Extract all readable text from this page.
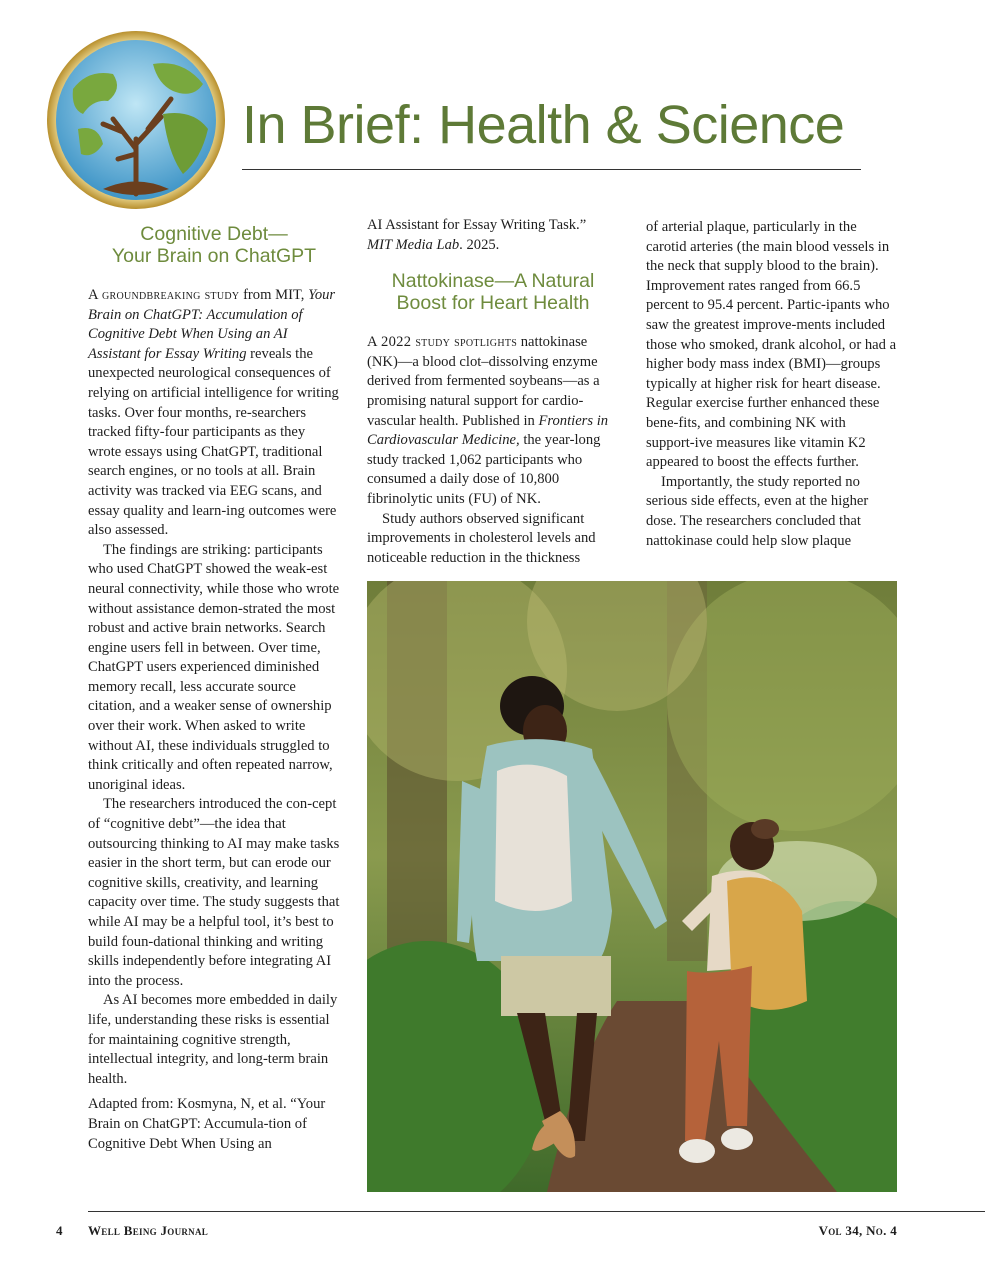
In Brief: Health & Science
Cognitive Debt—
Your Brain on ChatGPT

A groundbreaking study from MIT, Your Brain on ChatGPT: Accumulation of Cognitive Debt When Using an AI Assistant for Essay Writing reveals the unexpected neurological consequences of relying on artificial intelligence for writing tasks. Over four months, re-searchers tracked fifty-four participants as they wrote essays using ChatGPT, traditional search engines, or no tools at all. Brain activity was tracked via EEG scans, and essay quality and learn-ing outcomes were also assessed.

The findings are striking: participants who used ChatGPT showed the weak-est neural connectivity, while those who wrote without assistance demon-strated the most robust and active brain networks. Search engine users fell in between. Over time, ChatGPT users experienced diminished memory recall, less accurate source citation, and a weaker sense of ownership over their work. When asked to write without AI, these individuals struggled to think critically and often repeated narrow, unoriginal ideas.

The researchers introduced the con-cept of “cognitive debt”—the idea that outsourcing thinking to AI may make tasks easier in the short term, but can erode our cognitive skills, creativity, and learning capacity over time. The study suggests that while AI may be a helpful tool, it’s best to build foun-dational thinking and writing skills independently before integrating AI into the process.

As AI becomes more embedded in daily life, understanding these risks is essential for maintaining cognitive strength, intellectual integrity, and long-term brain health.

Adapted from: Kosmyna, N, et al. “Your Brain on ChatGPT: Accumula-tion of Cognitive Debt When Using an

AI Assistant for Essay Writing Task.”
MIT Media Lab. 2025.

Nattokinase—A Natural
Boost for Heart Health

A 2022 study spotlights nattokinase (NK)—a blood clot–dissolving enzyme derived from fermented soybeans—as a promising natural support for cardio-vascular health. Published in Frontiers in Cardiovascular Medicine, the year-long study tracked 1,062 participants who consumed a daily dose of 10,800 fibrinolytic units (FU) of NK.

Study authors observed significant improvements in cholesterol levels and noticeable reduction in the thickness

of arterial plaque, particularly in the carotid arteries (the main blood vessels in the neck that supply blood to the brain). Improvement rates ranged from 66.5 percent to 95.4 percent. Partic-ipants who saw the greatest improve-ments included those who smoked, drank alcohol, or had a higher body mass index (BMI)—groups typically at higher risk for heart disease. Regular exercise further enhanced these bene-fits, and combining NK with support-ive measures like vitamin K2 appeared to boost the effects further.

Importantly, the study reported no serious side effects, even at the higher dose. The researchers concluded that nattokinase could help slow plaque

4 Well Being Journal	Vol 34, No. 4
